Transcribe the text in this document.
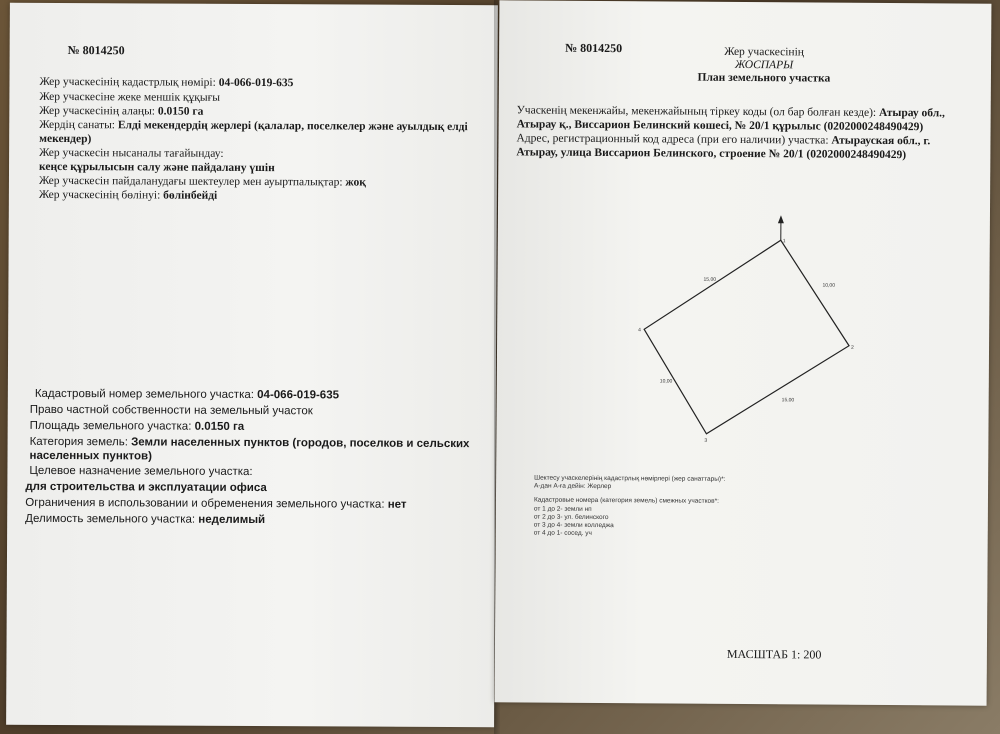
№ 8014250
Жер учаскесінің кадастрлық нөмірі: 04-066-019-635
Жер учаскесіне жеке меншік құқығы
Жер учаскесінің алаңы: 0.0150 га
Жердің санаты: Елді мекендердің жерлері (қалалар, поселкелер және ауылдық елді
мекендер)
Жер учаскесін нысаналы тағайындау:
кеңсе құрылысын салу және пайдалану үшін
Жер учаскесін пайдаланудағы шектеулер мен ауыртпалықтар: жоқ
Жер учаскесінің бөлінуі: бөлінбейді
Кадастровый номер земельного участка: 04-066-019-635
Право частной собственности на земельный участок
Площадь земельного участка: 0.0150 га
Категория земель: Земли населенных пунктов (городов, поселков и сельских
населенных пунктов)
Целевое назначение земельного участка:
для строительства и эксплуатации офиса
Ограничения в использовании и обременения земельного участка: нет
Делимость земельного участка: неделимый
№ 8014250	Жер учаскесінің
ЖОСПАРЫ
План земельного участка
Учаскенің мекенжайы, мекенжайының тіркеу коды (ол бар болған кезде): Атырау обл.,
Атырау қ., Виссарион Белинский көшесі, № 20/1 құрылыс (0202000248490429)
Адрес, регистрационный код адреса (при его наличии) участка: Атырауская обл., г.
Атырау, улица Виссарион Белинского, строение № 20/1 (0202000248490429)
15,00
10,00
15,00
10,00
1
2
3
4
Шектесу учаскелерінің кадастрлық нөмірлері (жер санаттары)*:
А-дан А-ға дейін: Жерлер
Кадастровые номера (категория земель) смежных участков*:
от 1 до 2- земли нп
от 2 до 3- ул. белинского
от 3 до 4- земли колледжа
от 4 до 1- сосед. уч
МАСШТАБ 1: 200
